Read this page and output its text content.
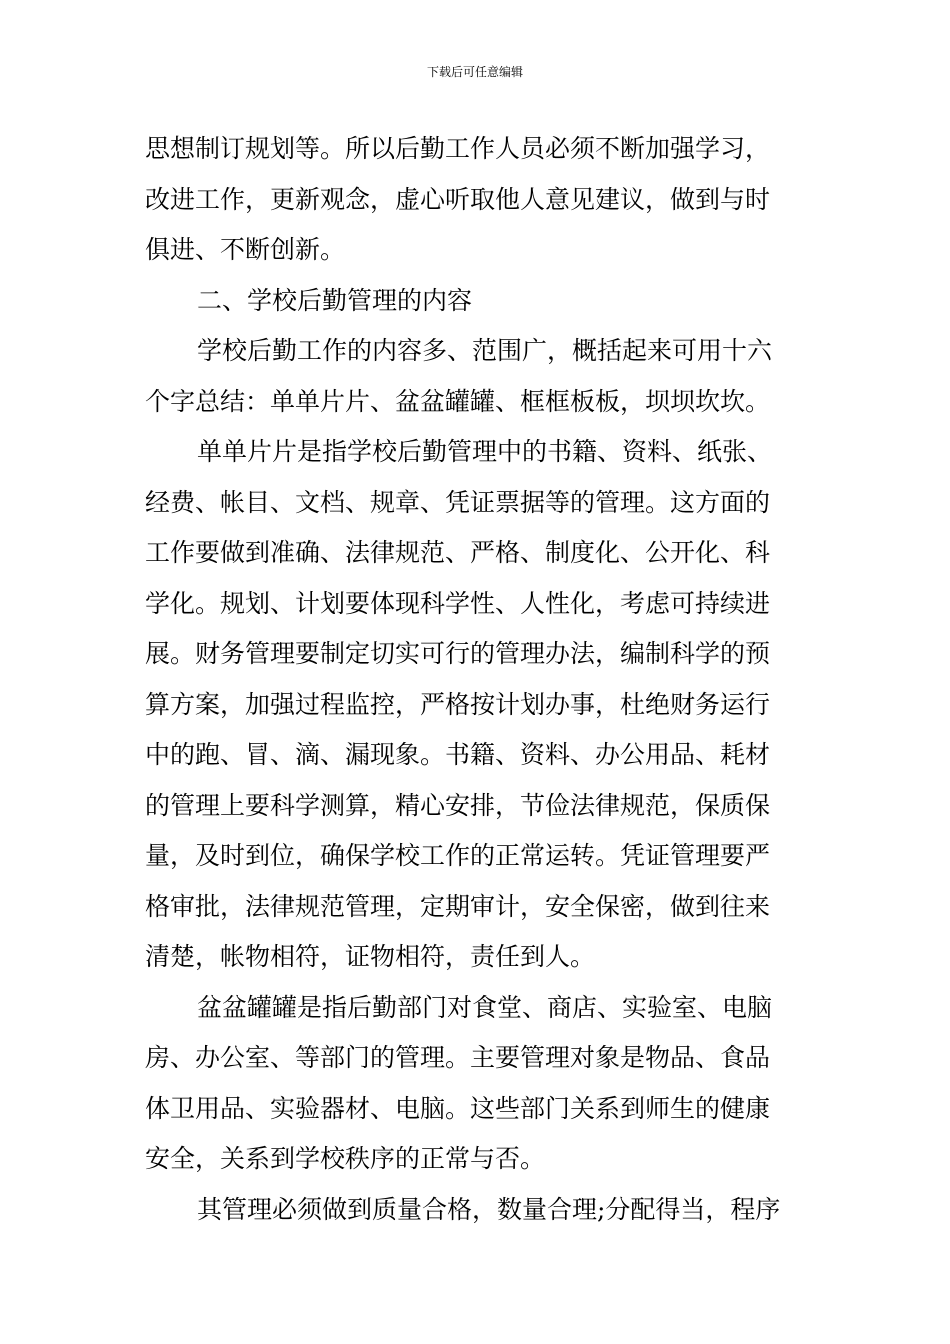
下载后可任意编辑
思想制订规划等。所以后勤工作人员必须不断加强学习，
改进工作，更新观念，虚心听取他人意见建议，做到与时
俱进、不断创新。
二、学校后勤管理的内容
学校后勤工作的内容多、范围广，概括起来可用十六
个字总结：单单片片、盆盆罐罐、框框板板，坝坝坎坎。
单单片片是指学校后勤管理中的书籍、资料、纸张、
经费、帐目、文档、规章、凭证票据等的管理。这方面的
工作要做到准确、法律规范、严格、制度化、公开化、科
学化。规划、计划要体现科学性、人性化，考虑可持续进
展。财务管理要制定切实可行的管理办法，编制科学的预
算方案，加强过程监控，严格按计划办事，杜绝财务运行
中的跑、冒、滴、漏现象。书籍、资料、办公用品、耗材
的管理上要科学测算，精心安排，节俭法律规范，保质保
量，及时到位，确保学校工作的正常运转。凭证管理要严
格审批，法律规范管理，定期审计，安全保密，做到往来
清楚，帐物相符，证物相符，责任到人。
盆盆罐罐是指后勤部门对食堂、商店、实验室、电脑
房、办公室、等部门的管理。主要管理对象是物品、食品
体卫用品、实验器材、电脑。这些部门关系到师生的健康
安全，关系到学校秩序的正常与否。
其管理必须做到质量合格，数量合理;分配得当，程序
